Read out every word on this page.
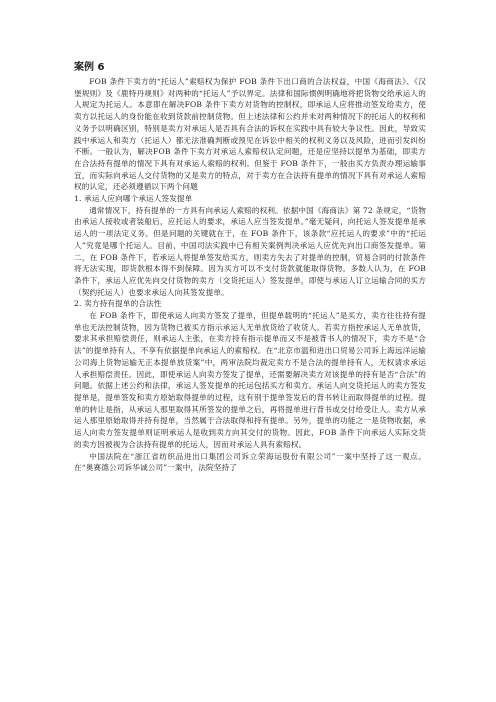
案例 6

FOB 条件下卖方的“托运人”索赔权为保护 FOB 条件下出口商的合法权益，中国《海商法》、《汉堡规则》及《鹿特丹规则》对两种的“托运人”予以界定。法律和国际惯例明确地将把货物交给承运人的人规定为托运人。本意即在解决FOB 条件下卖方对货物的控制权，即承运人应将推动签发给卖方，使卖方以托运人的身份能在收到货款前控制货物。但上述法律和公约并未对两种情况下的托运人的权利和义务予以明确区别，特别是卖方对承运人是否具有合法的诉权在实践中具有较大争议性。因此，导致实践中承运人和卖方（托运人）都无法准确判断或预见在诉讼中相关的权利义务以及风险，进而引发纠纷不断。一般认为，解决FOB 条件下卖方对承运人索赔权认定问题，还是应坚持以提单为基础，即卖方在合法持有提单的情况下具有对承运人索赔的权利。但鉴于 FOB 条件下，一般由买方负责办理运输事宜，而实际向承运人交付货物的又是卖方的特点，对于卖方在合法持有提单的情况下具有对承运人索赔权的认定，还必须遵循以下两个问题

1. 承运人应向哪个承运人签发提单

通常情况下，持有提单的一方具有向承运人索赔的权利。依据中国《海商法》第 72 条规定，“货物由承运人接收或者装船后，应托运人的要求，承运人应当签发提单。”毫无疑问，向托运人签发提单是承运人的一项法定义务。但是问题的关键就在于，在 FOB 条件下，该条款“应托运人的要求”中的“托运人”究竟是哪个托运人。目前，中国司法实践中已有相关案例判决承运人应优先向出口商签发提单。第二，在 FOB 条件下，若承运人将提单签发给买方，则卖方失去了对提单的控制，贸易合同的付款条件将无法实现，即货款根本得不到保障。因为买方可以不支付货款就能取得货物。多数人认为，在 FOB 条件下，承运人应优先向交付货物的卖方（交货托运人）签发提单，即使与承运人订立运输合同的买方（契约托运人）也要求承运人向其签发提单。

2. 卖方持有提单的合法性

在 FOB 条件下，即使承运人向卖方签发了提单，但提单载明的“托运人”是买方，卖方往往持有提单也无法控制货物，因为货物已被买方指示承运人无单放货给了收货人。若卖方指控承运人无单放货，要求其承担赔偿责任，则承运人主张，在卖方持有指示提单而又不是被背书人的情况下，卖方不是“合法”的提单持有人，不享有依据提单向承运人的索赔权。在“北京市温和进出口贸易公司诉上海远洋运输公司海上货物运输无正本提单放货案”中，两审法院均裁定卖方不是合法的提单持有人，无权请求承运人承担赔偿责任。因此，即使承运人向卖方签发了提单，还需要解决卖方对该提单的持有是否“合法”的问题。依据上述公约和法律，承运人签发提单的托运包括买方和卖方。承运人向交货托运人的卖方签发提单是，提单签发和卖方原始取得提单的过程，这有别于提单签发后的背书转让而取得提单的过程。提单的转让是指，从承运人那里取得其所签发的提单之后，再将提单进行背书或交付给受让人。卖方从承运人那里原始取得并持有提单，当然属于合法取得和持有提单。另外，提单的功能之一是货物收据，承运人向卖方签发提单则证明承运人是收到卖方向其交付的货物。因此，FOB 条件下向承运人实际交货的卖方因被视为合法持有提单的托运人，因而对承运人具有索赔权。

中国法院在“浙江省纺织品进出口集团公司诉立荣海运股份有限公司”一案中坚持了这一观点。在“奥赛德公司诉华诚公司”一案中，法院坚持了
